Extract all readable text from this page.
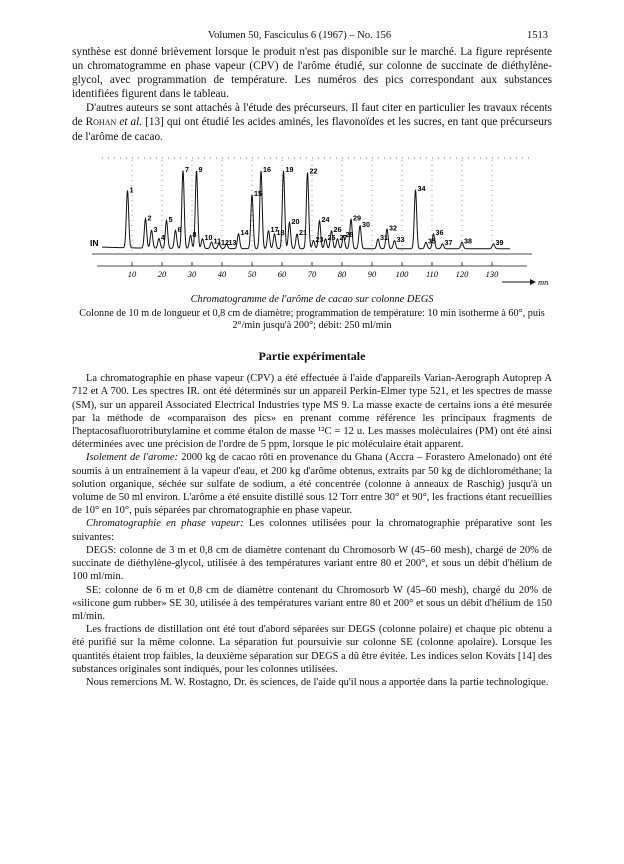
Volumen 50, Fasciculus 6 (1967) – No. 156	1513

synthèse est donné brièvement lorsque le produit n'est pas disponible sur le marché. La figure représente un chromatogramme en phase vapeur (CPV) de l'arôme étudié, sur colonne de succinate de diéthylène-glycol, avec programmation de température. Les numéros des pics correspondant aux substances identifiées figurent dans le tableau.

D'autres auteurs se sont attachés à l'étude des précurseurs. Il faut citer en particulier les travaux récents de Rohan et al. [13] qui ont étudié les acides aminés, les flavonoïdes et les sucres, en tant que précurseurs de l'arôme de cacao.

10	20	30	40	50	60	70	80	90 100 110 120 130
mn
IN
1
2
3
4
5
6
7
8
9
10 11 12 13
14
15
16
17
18
19
20
21
22
23
24
25
26
27
28
29
30
31
32
33
34
35
36
37 38	39
Chromatogramme de l'arôme de cacao sur colonne DEGS

Colonne de 10 m de longueur et 0,8 cm de diamètre; programmation de température: 10 min isotherme à 60°, puis 2°/min jusqu'à 200°; débit: 250 ml/min

Partie expérimentale

La chromatographie en phase vapeur (CPV) a été effectuée à l'aide d'appareils Varian-Aerograph Autoprep A 712 et A 700. Les spectres IR. ont été déterminés sur un appareil Perkin-Elmer type 521, et les spectres de masse (SM), sur un appareil Associated Electrical Industries type MS 9. La masse exacte de certains ions a été mesurée par la méthode de «comparaison des pics» en prenant comme référence les principaux fragments de l'heptacosafluorotributylamine et comme étalon de masse ¹²C = 12 u. Les masses moléculaires (PM) ont été ainsi déterminées avec une précision de l'ordre de 5 ppm, lorsque le pic moléculaire était apparent.

Isolement de l'arome: 2000 kg de cacao rôti en provenance du Ghana (Accra – Forastero Amelonado) ont été soumis à un entraînement à la vapeur d'eau, et 200 kg d'arôme obtenus, extraits par 50 kg de dichlorométhane; la solution organique, séchée sur sulfate de sodium, a été concentrée (colonne à anneaux de Raschig) jusqu'à un volume de 50 ml environ. L'arôme a été ensuite distillé sous 12 Torr entre 30° et 90°, les fractions étant recueillies de 10° en 10°, puis séparées par chromatographie en phase vapeur.

Chromatographie en phase vapeur: Les colonnes utilisées pour la chromatographie préparative sont les suivantes:

DEGS: colonne de 3 m et 0,8 cm de diamètre contenant du Chromosorb W (45–60 mesh), chargé de 20% de succinate de diéthylène-glycol, utilisée à des températures variant entre 80 et 200°, et sous un débit d'hélium de 100 ml/min.

SE: colonne de 6 m et 0,8 cm de diamètre contenant du Chromosorb W (45–60 mesh), chargé du 20% de «silicone gum rubber» SE 30, utilisée à des températures variant entre 80 et 200° et sous un débit d'hélium de 150 ml/min.

Les fractions de distillation ont été tout d'abord séparées sur DEGS (colonne polaire) et chaque pic obtenu a été purifié sur la même colonne. La séparation fut poursuivie sur colonne SE (colonne apolaire). Lorsque les quantités étaient trop faibles, la deuxième séparation sur DEGS a dû être évitée. Les indices selon Kováts [14] des substances originales sont indiqués, pour les colonnes utilisées.

Nous remercions M. W. Rostagno, Dr. ès sciences, de l'aide qu'il nous a apportée dans la partie technologique.
